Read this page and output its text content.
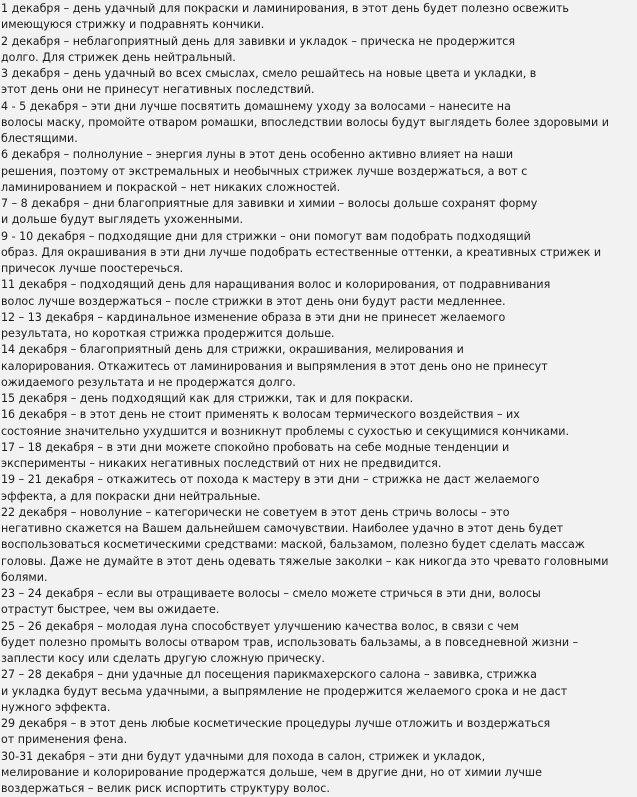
1 декабря – день удачный для покраски и ламинирования, в этот день будет полезно освежить
имеющуюся стрижку и подравнять кончики.
2 декабря – неблагоприятный день для завивки и укладок – прическа не продержится
долго. Для стрижек день нейтральный.
3 декабря – день удачный во всех смыслах, смело решайтесь на новые цвета и укладки, в
этот день они не принесут негативных последствий.
4 - 5 декабря – эти дни лучше посвятить домашнему уходу за волосами – нанесите на
волосы маску, промойте отваром ромашки, впоследствии волосы будут выглядеть более здоровыми и
блестящими.
6 декабря – полнолуние – энергия луны в этот день особенно активно влияет на наши
решения, поэтому от экстремальных и необычных стрижек лучше воздержаться, а вот с
ламинированием и покраской – нет никаких сложностей.
7 – 8 декабря – дни благоприятные для завивки и химии – волосы дольше сохранят форму
и дольше будут выглядеть ухоженными.
9 - 10 декабря – подходящие дни для стрижки – они помогут вам подобрать подходящий
образ. Для окрашивания в эти дни лучше подобрать естественные оттенки, а креативных стрижек и
причесок лучше поостеречься.
11 декабря – подходящий день для наращивания волос и колорирования, от подравнивания
волос лучше воздержаться – после стрижки в этот день они будут расти медленнее.
12 – 13 декабря – кардинальное изменение образа в эти дни не принесет желаемого
результата, но короткая стрижка продержится дольше.
14 декабря – благоприятный день для стрижки, окрашивания, мелирования и
калорирования. Откажитесь от ламинирования и выпрямления в этот день оно не принесут
ожидаемого результата и не продержатся долго.
15 декабря – день подходящий как для стрижки, так и для покраски.
16 декабря – в этот день не стоит применять к волосам термического воздействия – их
состояние значительно ухудшится и возникнут проблемы с сухостью и секущимися кончиками.
17 – 18 декабря – в эти дни можете спокойно пробовать на себе модные тенденции и
эксперименты – никаких негативных последствий от них не предвидится.
19 – 21 декабря – откажитесь от похода к мастеру в эти дни – стрижка не даст желаемого
эффекта, а для покраски дни нейтральные.
22 декабря – новолуние – категорически не советуем в этот день стричь волосы – это
негативно скажется на Вашем дальнейшем самочувствии. Наиболее удачно в этот день будет
воспользоваться косметическими средствами: маской, бальзамом, полезно будет сделать массаж
головы. Даже не думайте в этот день одевать тяжелые заколки – как никогда это чревато головными
болями.
23 – 24 декабря – если вы отращиваете волосы – смело можете стричься в эти дни, волосы
отрастут быстрее, чем вы ожидаете.
25 – 26 декабря – молодая луна способствует улучшению качества волос, в связи с чем
будет полезно промыть волосы отваром трав, использовать бальзамы, а в повседневной жизни –
заплести косу или сделать другую сложную прическу.
27 – 28 декабря – дни удачные дл посещения парикмахерского салона – завивка, стрижка
и укладка будут весьма удачными, а выпрямление не продержится желаемого срока и не даст
нужного эффекта.
29 декабря – в этот день любые косметические процедуры лучше отложить и воздержаться
от применения фена.
30-31 декабря – эти дни будут удачными для похода в салон, стрижек и укладок,
мелирование и колорирование продержатся дольше, чем в другие дни, но от химии лучше
воздержаться – велик риск испортить структуру волос.
